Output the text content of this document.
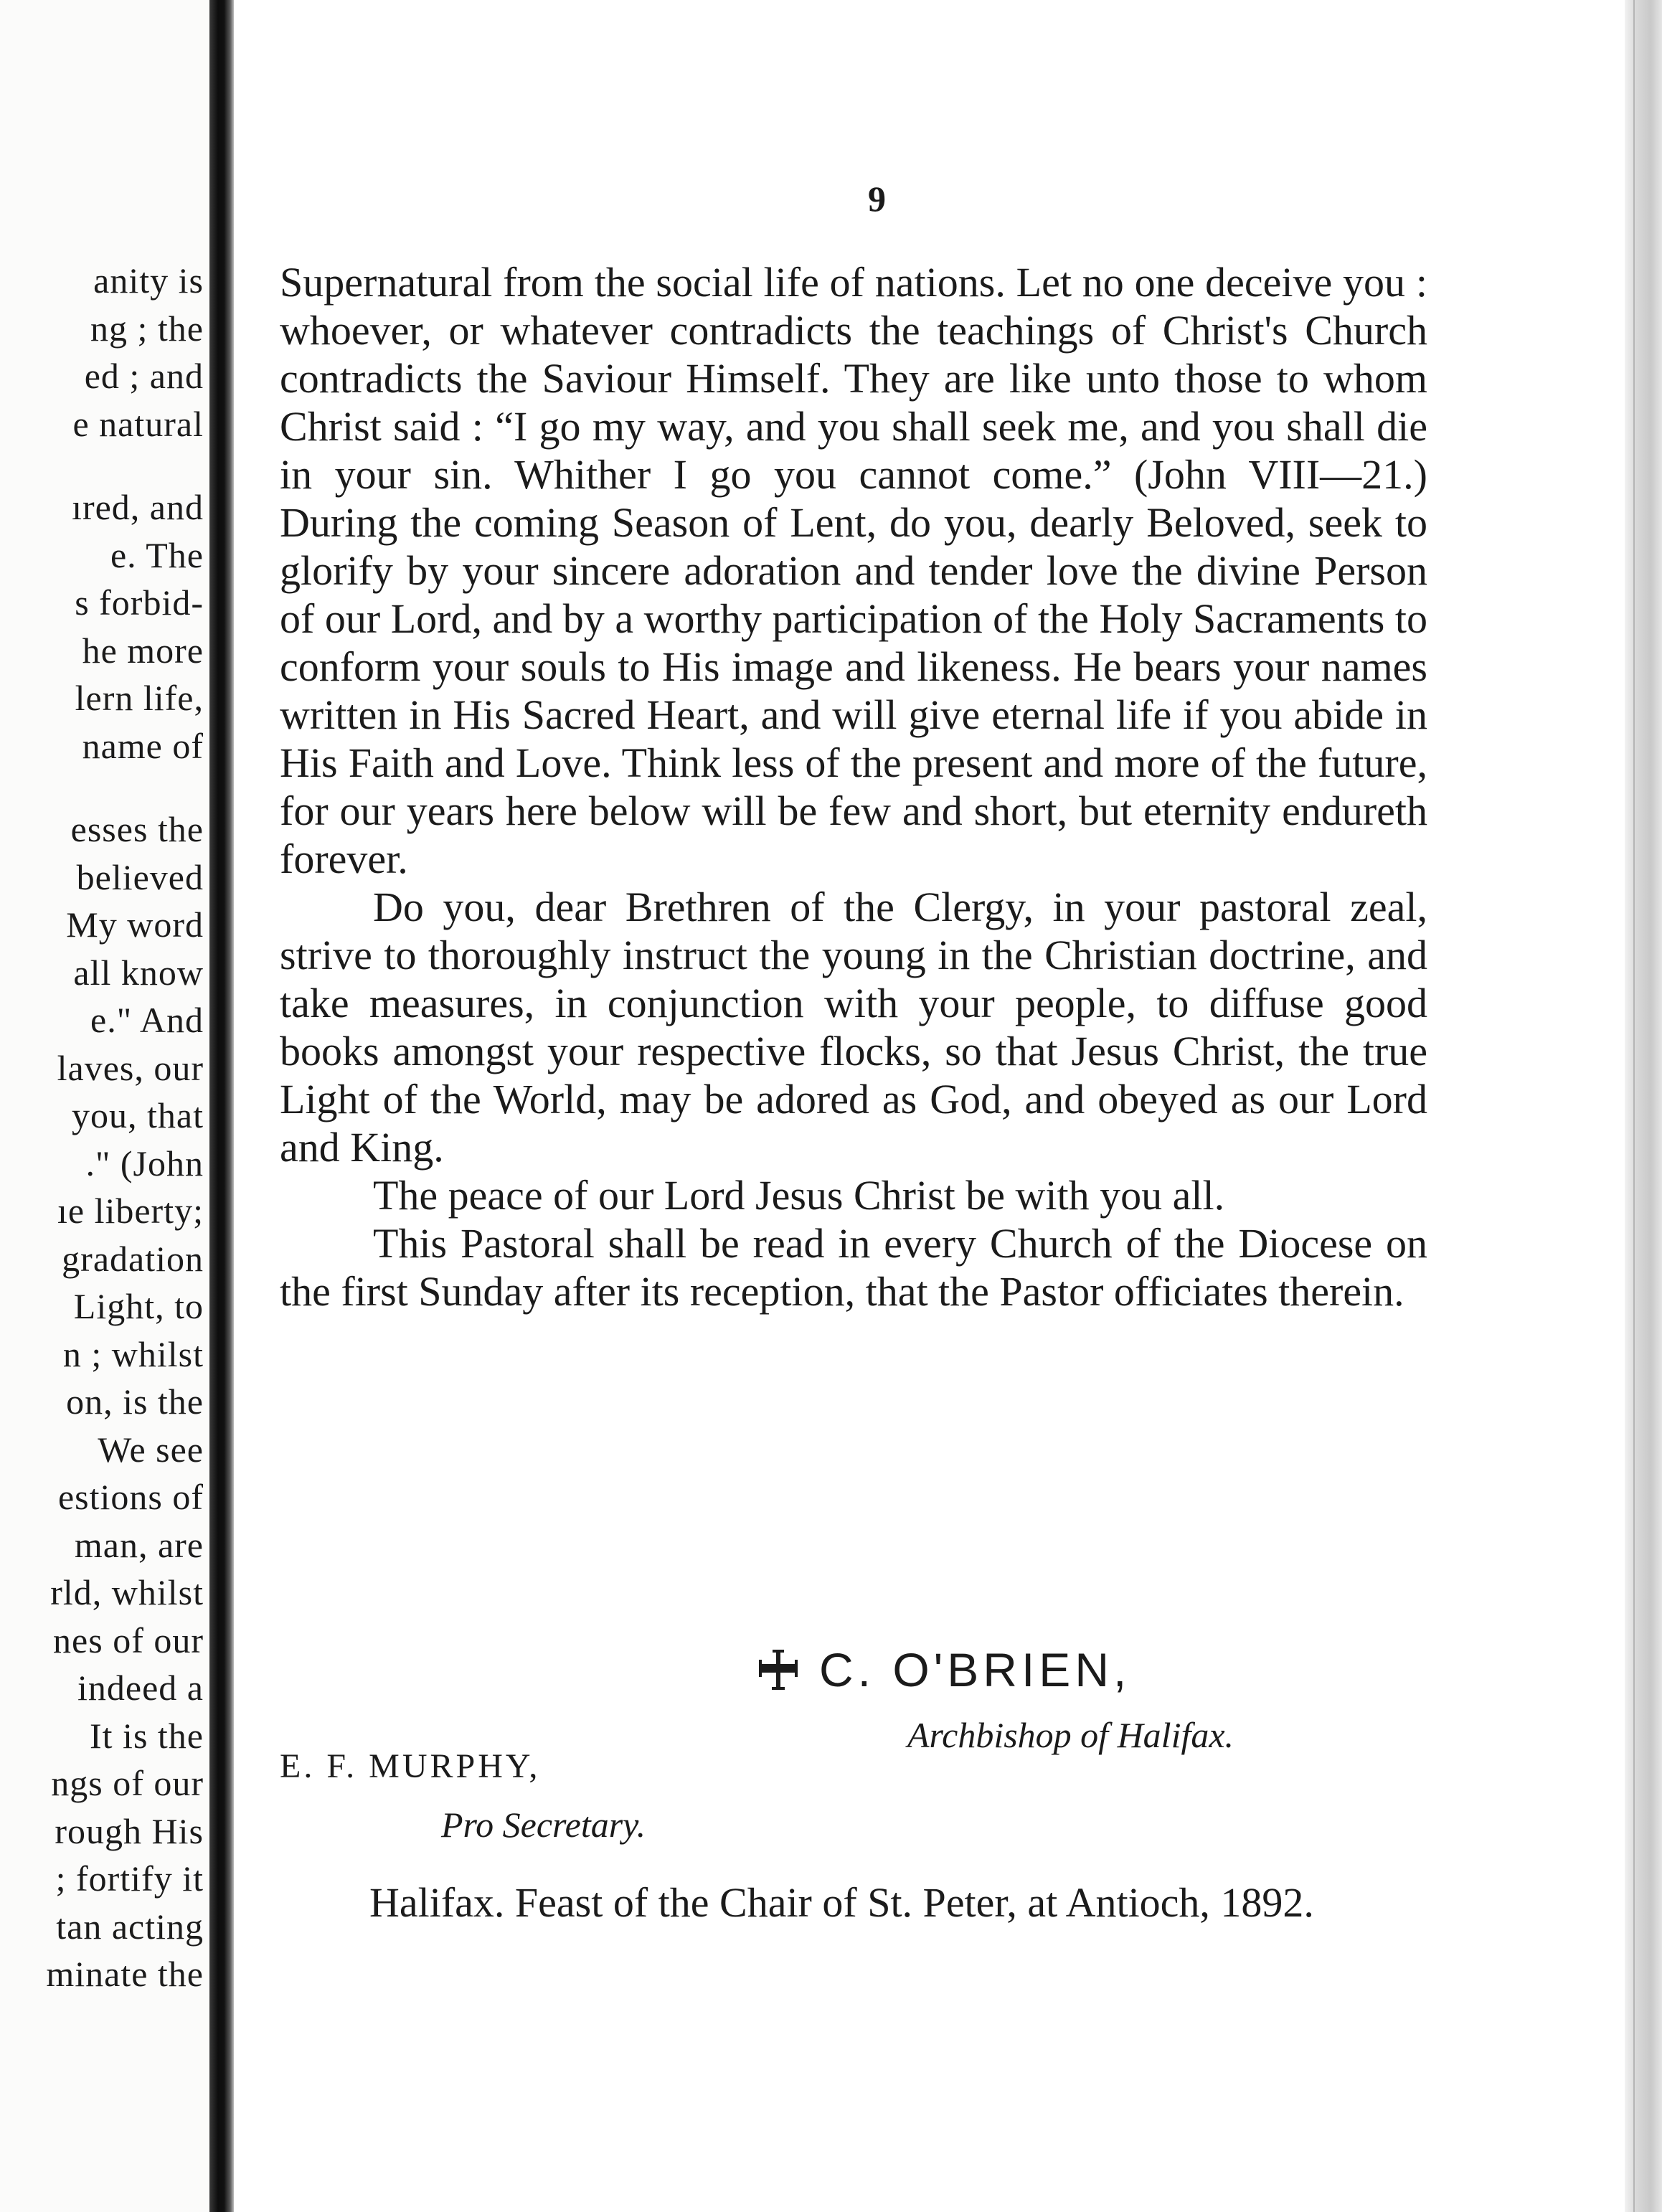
anity is
ng ; the
ed ; and
e natural
ıred, and
e. The
s forbid-
he more
lern life,
name of
esses the
believed
My word
all know
e." And
laves, our
you, that
." (John
ıe liberty;
gradation
Light, to
n ; whilst
on, is the
We see
estions of
man, are
rld, whilst
nes of our
indeed a
It is the
ngs of our
rough His
; fortify it
tan acting
minate the
9

Supernatural from the social life of nations. Let no one deceive you : whoever, or whatever contradicts the teachings of Christ's Church contradicts the Saviour Himself. They are like unto those to whom Christ said : “I go my way, and you shall seek me, and you shall die in your sin. Whither I go you cannot come.” (John VIII—21.) During the coming Season of Lent, do you, dearly Beloved, seek to glorify by your sincere adoration and tender love the divine Person of our Lord, and by a worthy participation of the Holy Sacraments to conform your souls to His image and likeness. He bears your names written in His Sacred Heart, and will give eternal life if you abide in His Faith and Love. Think less of the present and more of the future, for our years here below will be few and short, but eternity endureth forever.

Do you, dear Brethren of the Clergy, in your pastoral zeal, strive to thoroughly instruct the young in the Christian doctrine, and take measures, in conjunction with your people, to diffuse good books amongst your respective flocks, so that Jesus Christ, the true Light of the World, may be adored as God, and obeyed as our Lord and King.

The peace of our Lord Jesus Christ be with you all.

This Pastoral shall be read in every Church of the Diocese on the first Sunday after its reception, that the Pastor officiates therein.

C. O'BRIEN,
Archbishop of Halifax.
E. F. MURPHY,
Pro Secretary.
Halifax. Feast of the Chair of St. Peter, at Antioch, 1892.
